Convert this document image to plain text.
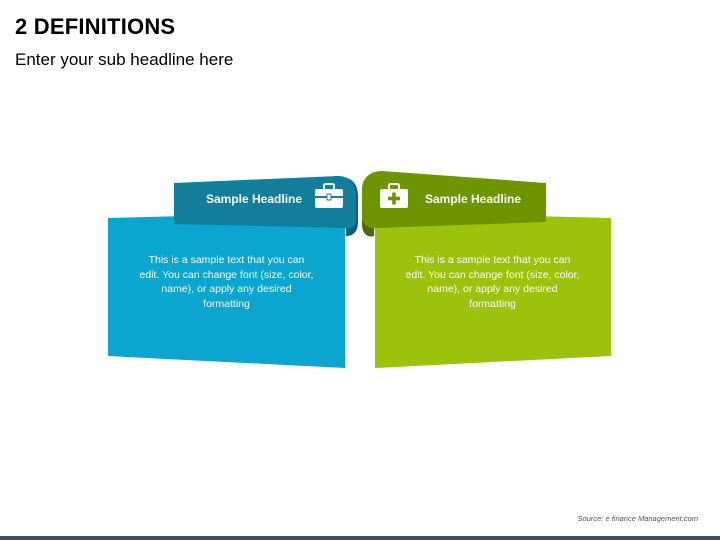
2 DEFINITIONS

Enter your sub headline here

Sample Headline	Sample Headline
This is a sample text that you can edit. You can change font (size, color, name), or apply any desired formatting
This is a sample text that you can edit. You can change font (size, color, name), or apply any desired formatting
Source: e finance Management.com
